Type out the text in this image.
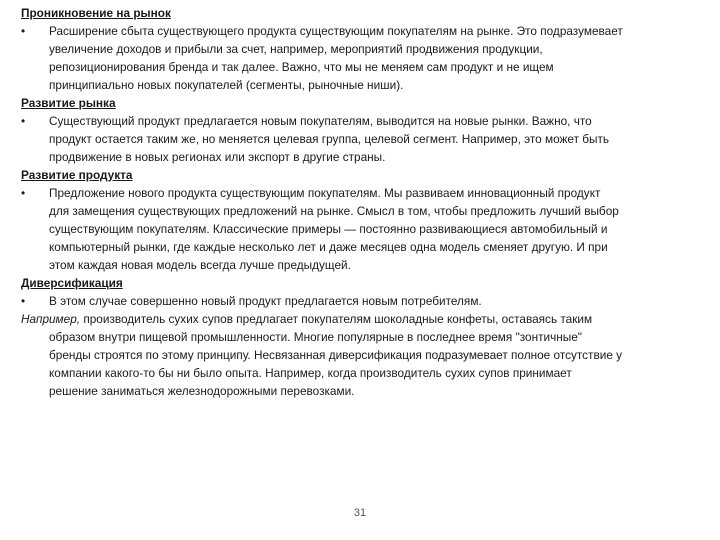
Проникновение на рынок
• Расширение сбыта существующего продукта существующим покупателям на рынке. Это подразумевает
увеличение доходов и прибыли за счет, например, мероприятий продвижения продукции,
репозиционирования бренда и так далее. Важно, что мы не меняем сам продукт и не ищем
принципиально новых покупателей (сегменты, рыночные ниши).
Развитие рынка
• Существующий продукт предлагается новым покупателям, выводится на новые рынки. Важно, что
продукт остается таким же, но меняется целевая группа, целевой сегмент. Например, это может быть
продвижение в новых регионах или экспорт в другие страны.
Развитие продукта
• Предложение нового продукта существующим покупателям. Мы развиваем инновационный продукт
для замещения существующих предложений на рынке. Смысл в том, чтобы предложить лучший выбор
существующим покупателям. Классические примеры — постоянно развивающиеся автомобильный и
компьютерный рынки, где каждые несколько лет и даже месяцев одна модель сменяет другую. И при
этом каждая новая модель всегда лучше предыдущей.
Диверсификация
• В этом случае совершенно новый продукт предлагается новым потребителям.
Например, производитель сухих супов предлагает покупателям шоколадные конфеты, оставаясь таким
образом внутри пищевой промышленности. Многие популярные в последнее время "зонтичные"
бренды строятся по этому принципу. Несвязанная диверсификация подразумевает полное отсутствие у
компании какого-то бы ни было опыта. Например, когда производитель сухих супов принимает
решение заниматься железнодорожными перевозками.
31
